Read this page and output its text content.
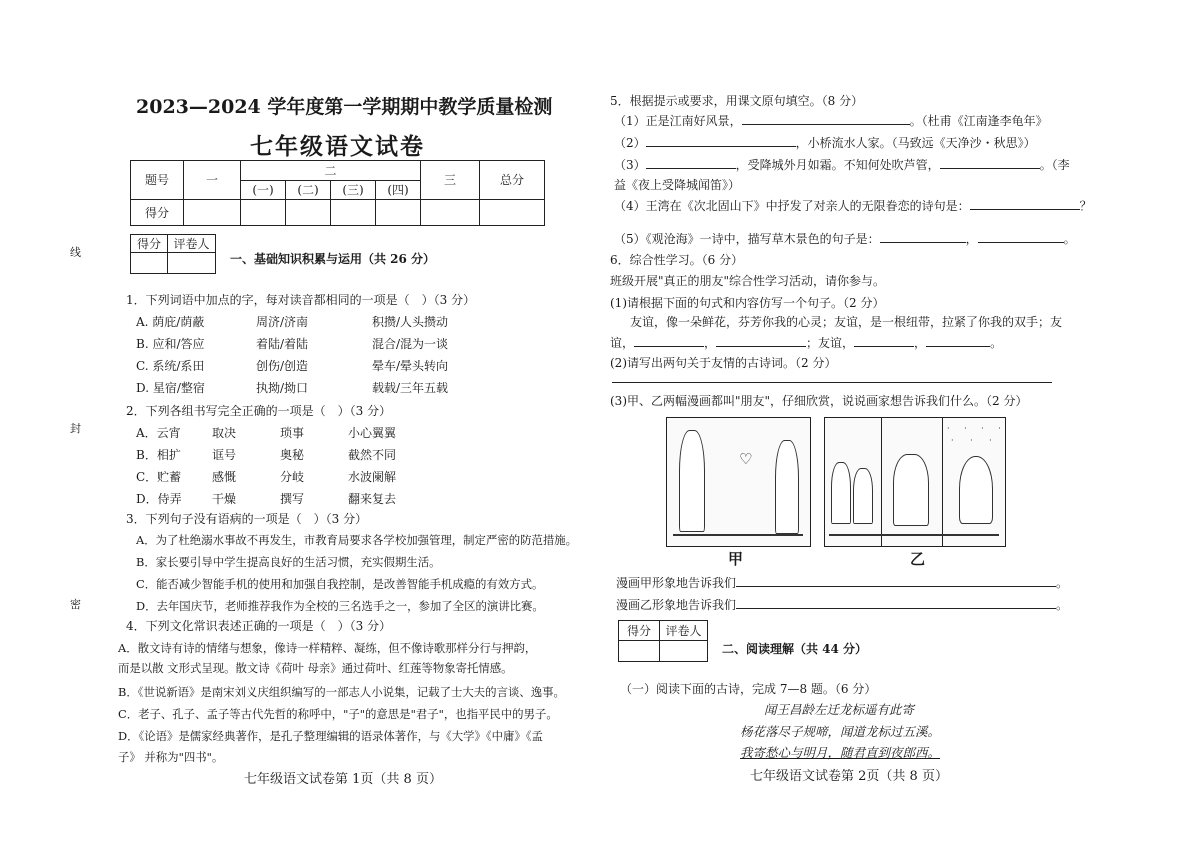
2023—2024 学年度第一学期期中教学质量检测
七年级语文试卷
题号	一	二				三	总分
		(一)	(二)	(三)	(四)		
得分							
线
封
密
得分	评卷人

一、基础知识积累与运用（共 26 分）
1．下列词语中加点的字，每对读音都相同的一项是（　）（3 分）
A. 荫庇/荫蔽	周济/济南	积攒/人头攒动
B. 应和/答应	着陆/着陆	混合/混为一谈
C. 系统/系田	创伤/创造	晕车/晕头转向
D. 星宿/整宿	执拗/拗口	载载/三年五载
2．下列各组书写完全正确的一项是（　）（3 分）
A．云宵	取决	琐事	小心翼翼
B．相扩	诓号	奥秘	截然不同
C．贮蓄	感慨	分岐	水波阑解
D．侍弄	干燥	撰写	翻来复去
3．下列句子没有语病的一项是（　）（3 分）
A．为了杜绝溺水事故不再发生，市教育局要求各学校加强管理，制定严密的防范措施。
B．家长要引导中学生提高良好的生活习惯，充实假期生活。
C．能否减少智能手机的使用和加强自我控制，是改善智能手机成瘾的有效方式。
D．去年国庆节，老师推荐我作为全校的三名选手之一，参加了全区的演讲比赛。
4．下列文化常识表述正确的一项是（　）（3 分）
A．散文诗有诗的情绪与想象，像诗一样精粹、凝练，但不像诗歌那样分行与押韵，
而是以散 文形式呈现。散文诗《荷叶 母亲》通过荷叶、红莲等物象寄托情感。
B．《世说新语》是南宋刘义庆组织编写的一部志人小说集，记载了士大夫的言谈、逸事。
C．老子、孔子、孟子等古代先哲的称呼中，"子"的意思是"君子"，也指平民中的男子。
D．《论语》是儒家经典著作，是孔子整理编辑的语录体著作，与《大学》《中庸》《孟
子》 并称为"四书"。
七年级语文试卷第 1页（共 8 页）
5．根据提示或要求，用课文原句填空。（8 分）
（1）正是江南好风景，	。（杜甫《江南逢李龟年》
（2）	，小桥流水人家。（马致远《天净沙・秋思》）
（3）	，受降城外月如霜。不知何处吹芦管，	。（李
益《夜上受降城闻笛》）
（4）王湾在《次北固山下》中抒发了对亲人的无限眷恋的诗句是：	？
（5）《观沧海》一诗中，描写草木景色的句子是：	，	。
6．综合性学习。（6 分）
班级开展"真正的朋友"综合性学习活动，请你参与。
(1)请根据下面的句式和内容仿写一个句子。（2 分）
友谊，像一朵鲜花，芬芳你我的心灵；友谊，是一根纽带，拉紧了你我的双手；友
谊，	，	；友谊，	，	。
(2)请写出两句关于友情的古诗词。（2 分）
(3)甲、乙两幅漫画都叫"朋友"，仔细欣赏，说说画家想告诉我们什么。（2 分）
♡
甲
· · · ·
· · ·
乙
漫画甲形象地告诉我们	。
漫画乙形象地告诉我们	。
得分	评卷人

二、阅读理解（共 44 分）
（一）阅读下面的古诗，完成 7—8 题。（6 分）
闻王昌龄左迁龙标遥有此寄
杨花落尽子规啼，闻道龙标过五溪。
我寄愁心与明月，随君直到夜郎西。
七年级语文试卷第 2页（共 8 页）
